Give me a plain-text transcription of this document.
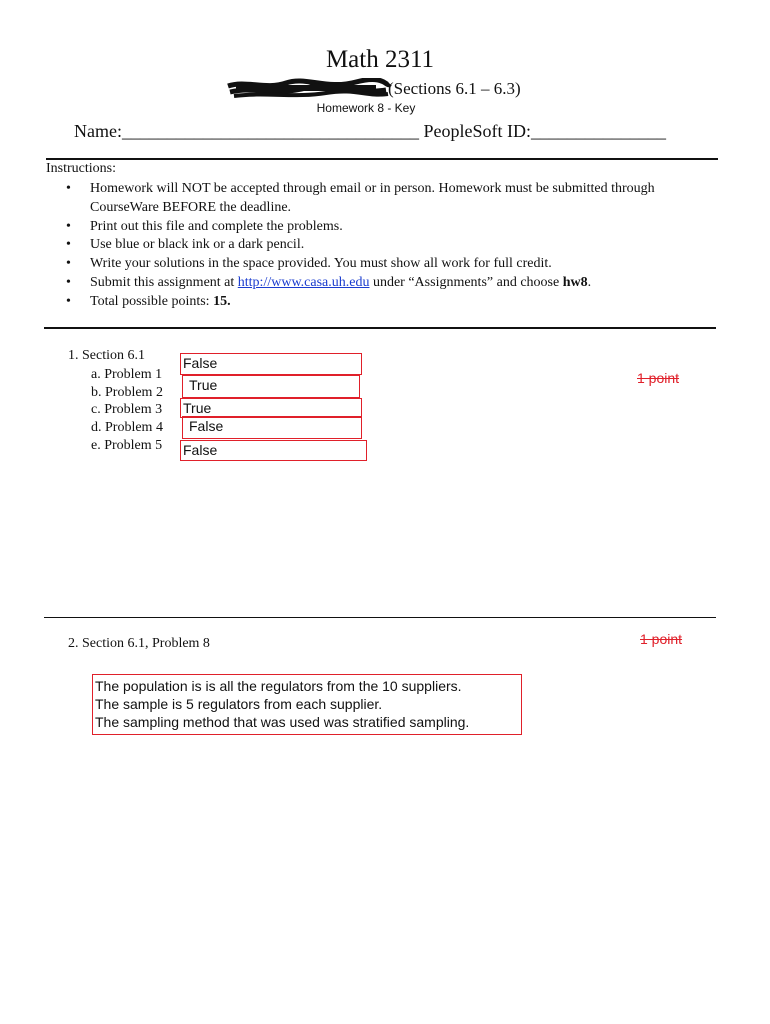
Math 2311
(Sections 6.1 – 6.3)
Homework 8 - Key
Name:_________________________________ PeopleSoft ID:_______________
Instructions:
• Homework will NOT be accepted through email or in person. Homework must be submitted through CourseWare BEFORE the deadline.
• Print out this file and complete the problems.
• Use blue or black ink or a dark pencil.
• Write your solutions in the space provided. You must show all work for full credit.
• Submit this assignment at http://www.casa.uh.edu under “Assignments” and choose hw8.
• Total possible points: 15.
1. Section 6.1
1 point
a. Problem 1
b. Problem 2
c. Problem 3
d. Problem 4
e. Problem 5
False
True
True
False
False
2. Section 6.1, Problem 8	1 point
The population is is all the regulators from the 10 suppliers.
The sample is 5 regulators from each supplier.
The sampling method that was used was stratified sampling.
